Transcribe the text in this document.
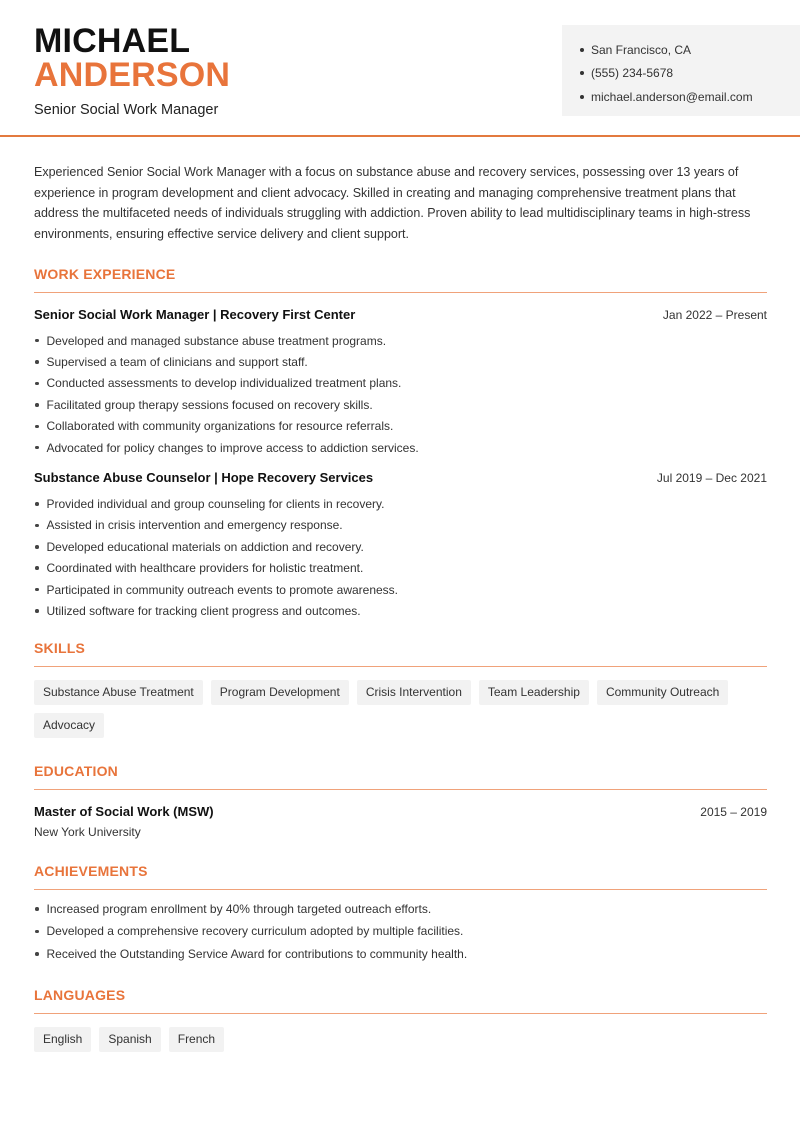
MICHAEL
ANDERSON
Senior Social Work Manager
San Francisco, CA
(555) 234-5678
michael.anderson@email.com

Experienced Senior Social Work Manager with a focus on substance abuse and recovery services, possessing over 13 years of experience in program development and client advocacy. Skilled in creating and managing comprehensive treatment plans that address the multifaceted needs of individuals struggling with addiction. Proven ability to lead multidisciplinary teams in high-stress environments, ensuring effective service delivery and client support.

WORK EXPERIENCE
Senior Social Work Manager | Recovery First Center	Jan 2022 – Present
Developed and managed substance abuse treatment programs.
Supervised a team of clinicians and support staff.
Conducted assessments to develop individualized treatment plans.
Facilitated group therapy sessions focused on recovery skills.
Collaborated with community organizations for resource referrals.
Advocated for policy changes to improve access to addiction services.
Substance Abuse Counselor | Hope Recovery Services	Jul 2019 – Dec 2021
Provided individual and group counseling for clients in recovery.
Assisted in crisis intervention and emergency response.
Developed educational materials on addiction and recovery.
Coordinated with healthcare providers for holistic treatment.
Participated in community outreach events to promote awareness.
Utilized software for tracking client progress and outcomes.
SKILLS
Substance Abuse Treatment	Program Development	Crisis Intervention	Team Leadership	Community Outreach
Advocacy
EDUCATION
Master of Social Work (MSW)	2015 – 2019
New York University
ACHIEVEMENTS
Increased program enrollment by 40% through targeted outreach efforts.
Developed a comprehensive recovery curriculum adopted by multiple facilities.
Received the Outstanding Service Award for contributions to community health.
LANGUAGES
English	Spanish	French
